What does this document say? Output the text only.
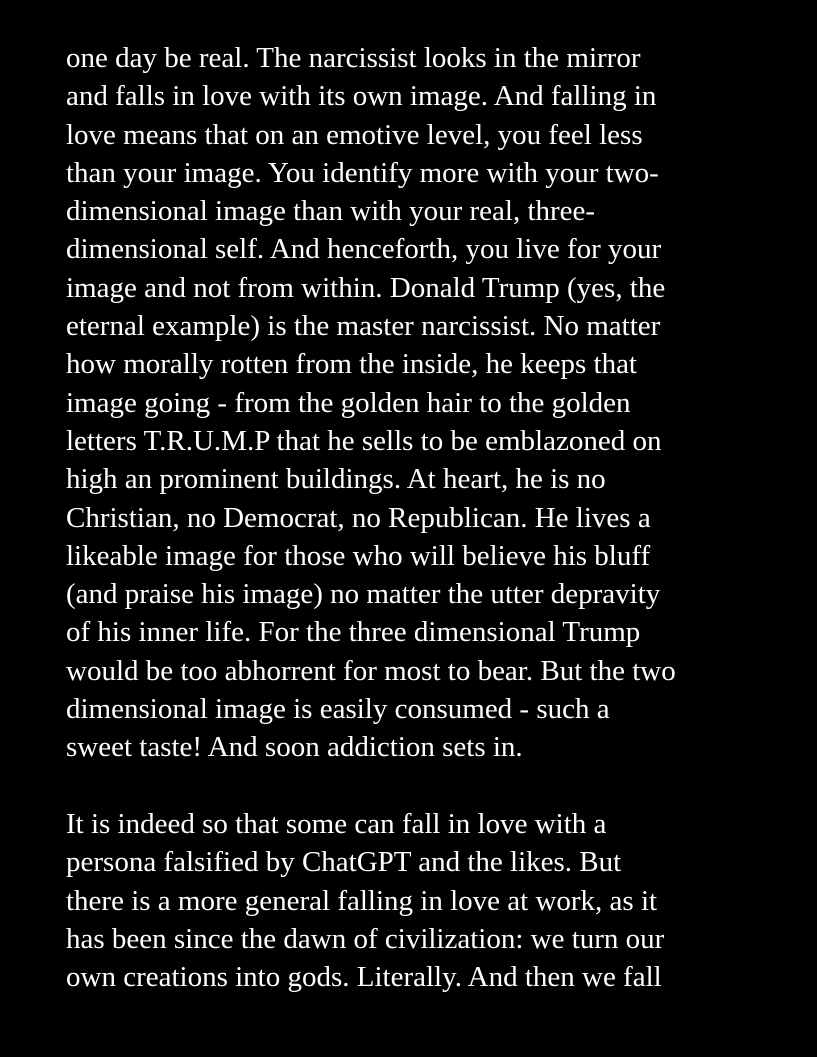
one day be real. The narcissist looks in the mirror
and falls in love with its own image. And falling in
love means that on an emotive level, you feel less
than your image. You identify more with your two-
dimensional image than with your real, three-
dimensional self. And henceforth, you live for your
image and not from within. Donald Trump (yes, the
eternal example) is the master narcissist. No matter
how morally rotten from the inside, he keeps that
image going - from the golden hair to the golden
letters T.R.U.M.P that he sells to be emblazoned on
high an prominent buildings. At heart, he is no
Christian, no Democrat, no Republican. He lives a
likeable image for those who will believe his bluff
(and praise his image) no matter the utter depravity
of his inner life. For the three dimensional Trump
would be too abhorrent for most to bear. But the two
dimensional image is easily consumed - such a
sweet taste! And soon addiction sets in.
It is indeed so that some can fall in love with a
persona falsified by ChatGPT and the likes. But
there is a more general falling in love at work, as it
has been since the dawn of civilization: we turn our
own creations into gods. Literally. And then we fall
